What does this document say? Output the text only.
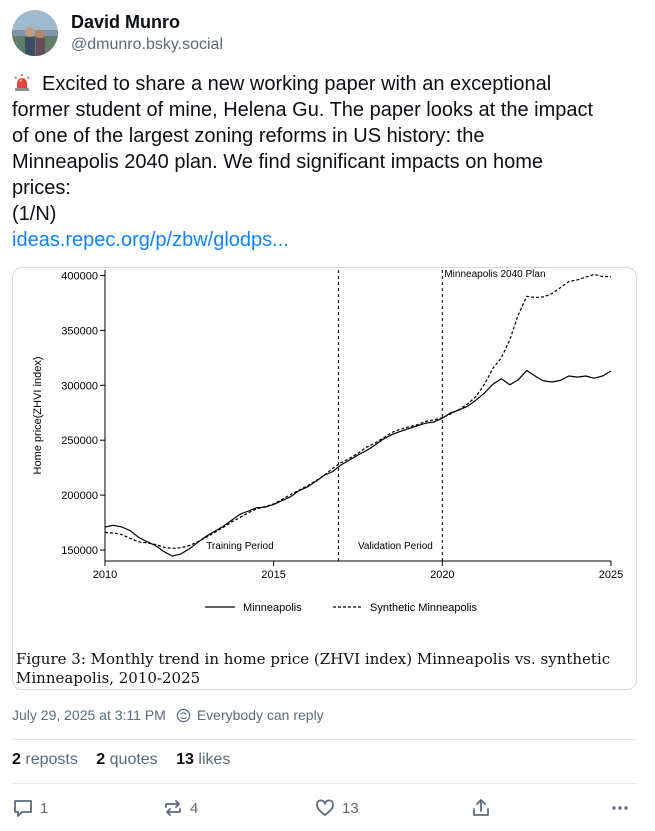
David Munro
@dmunro.bsky.social
Excited to share a new working paper with an exceptional
former student of mine, Helena Gu. The paper looks at the impact
of one of the largest zoning reforms in US history: the
Minneapolis 2040 plan. We find significant impacts on home
prices:
(1/N)
ideas.repec.org/p/zbw/glodps...
150000
200000
250000
300000
350000
400000
2010	2015	2020	2025
Home price(ZHVI index)
Training Period	Validation Period
Minneapolis 2040 Plan
Minneapolis	Synthetic Minneapolis
Figure 3: Monthly trend in home price (ZHVI index) Minneapolis vs. synthetic Minneapolis, 2010-2025
July 29, 2025 at 3:11 PM Everybody can reply
2 reposts 2 quotes 13 likes
1	4	13
